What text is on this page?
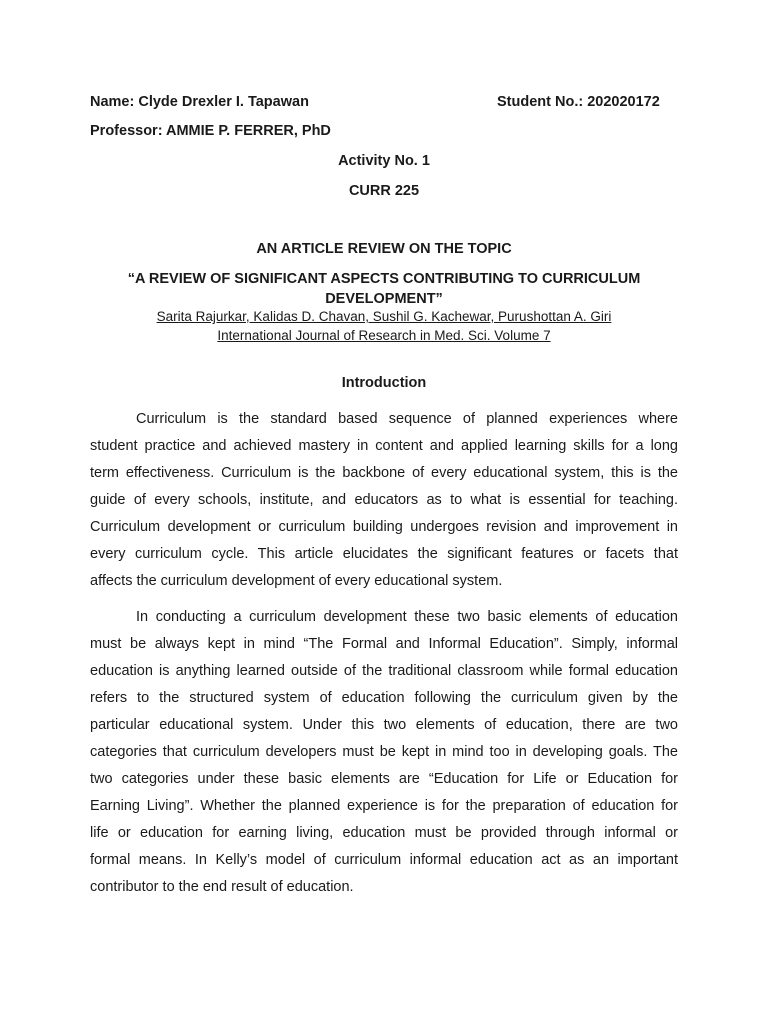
Name: Clyde Drexler I. Tapawan	Student No.: 202020172
Professor: AMMIE P. FERRER, PhD
Activity No. 1
CURR 225
AN ARTICLE REVIEW ON THE TOPIC
“A REVIEW OF SIGNIFICANT ASPECTS CONTRIBUTING TO CURRICULUM
DEVELOPMENT”
Sarita Rajurkar, Kalidas D. Chavan, Sushil G. Kachewar, Purushottan A. Giri
International Journal of Research in Med. Sci. Volume 7
Introduction
Curriculum is the standard based sequence of planned experiences where
student practice and achieved mastery in content and applied learning skills for a long
term effectiveness. Curriculum is the backbone of every educational system, this is the
guide of every schools, institute, and educators as to what is essential for teaching.
Curriculum development or curriculum building undergoes revision and improvement in
every curriculum cycle. This article elucidates the significant features or facets that
affects the curriculum development of every educational system.
In conducting a curriculum development these two basic elements of education
must be always kept in mind “The Formal and Informal Education”. Simply, informal
education is anything learned outside of the traditional classroom while formal education
refers to the structured system of education following the curriculum given by the
particular educational system. Under this two elements of education, there are two
categories that curriculum developers must be kept in mind too in developing goals. The
two categories under these basic elements are “Education for Life or Education for
Earning Living”. Whether the planned experience is for the preparation of education for
life or education for earning living, education must be provided through informal or
formal means. In Kelly’s model of curriculum informal education act as an important
contributor to the end result of education.
